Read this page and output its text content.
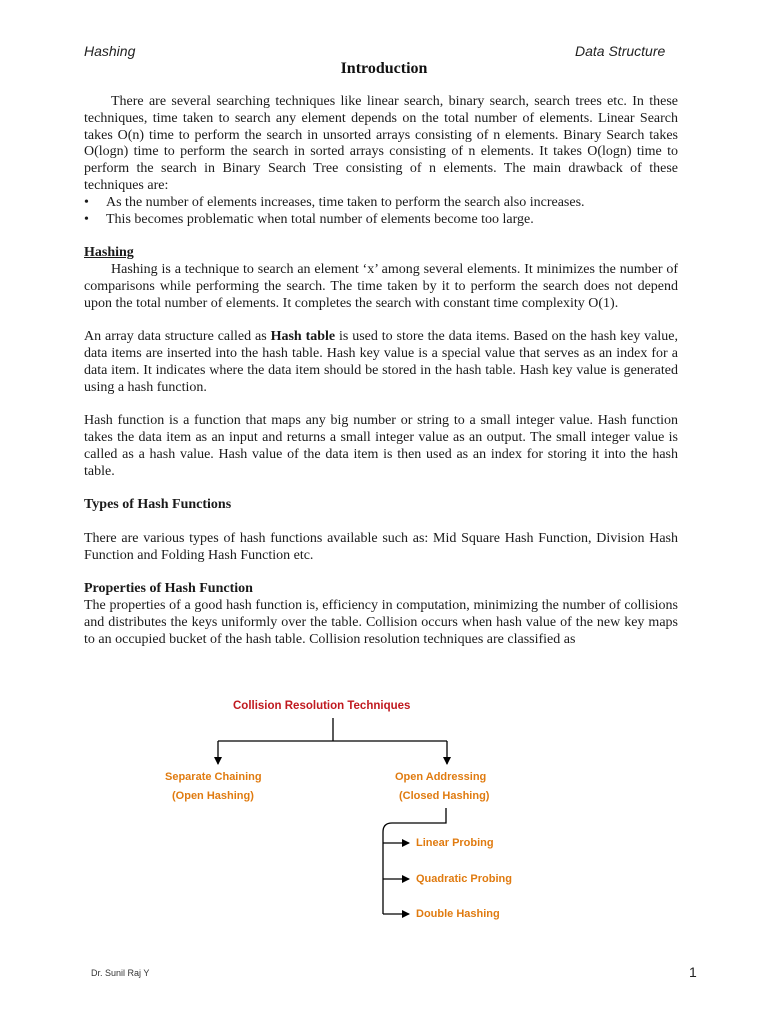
Hashing	Data Structure
Introduction

There are several searching techniques like linear search, binary search, search trees etc. In these techniques, time taken to search any element depends on the total number of elements. Linear Search takes O(n) time to perform the search in unsorted arrays consisting of n elements. Binary Search takes O(logn) time to perform the search in sorted arrays consisting of n elements. It takes O(logn) time to perform the search in Binary Search Tree consisting of n elements. The main drawback of these techniques are:

• As the number of elements increases, time taken to perform the search also increases.
• This becomes problematic when total number of elements become too large.

Hashing

Hashing is a technique to search an element ‘x’ among several elements. It minimizes the number of comparisons while performing the search. The time taken by it to perform the search does not depend upon the total number of elements. It completes the search with constant time complexity O(1).

An array data structure called as Hash table is used to store the data items. Based on the hash key value, data items are inserted into the hash table. Hash key value is a special value that serves as an index for a data item. It indicates where the data item should be stored in the hash table. Hash key value is generated using a hash function.

Hash function is a function that maps any big number or string to a small integer value. Hash function takes the data item as an input and returns a small integer value as an output. The small integer value is called as a hash value. Hash value of the data item is then used as an index for storing it into the hash table.

Types of Hash Functions

There are various types of hash functions available such as: Mid Square Hash Function, Division Hash Function and Folding Hash Function etc.

Properties of Hash Function

The properties of a good hash function is, efficiency in computation, minimizing the number of collisions and distributes the keys uniformly over the table. Collision occurs when hash value of the new key maps to an occupied bucket of the hash table. Collision resolution techniques are classified as

Collision Resolution Techniques
Separate Chaining
(Open Hashing)
Open Addressing
(Closed Hashing)
Linear Probing
Quadratic Probing
Double Hashing
Dr. Sunil Raj Y	1
